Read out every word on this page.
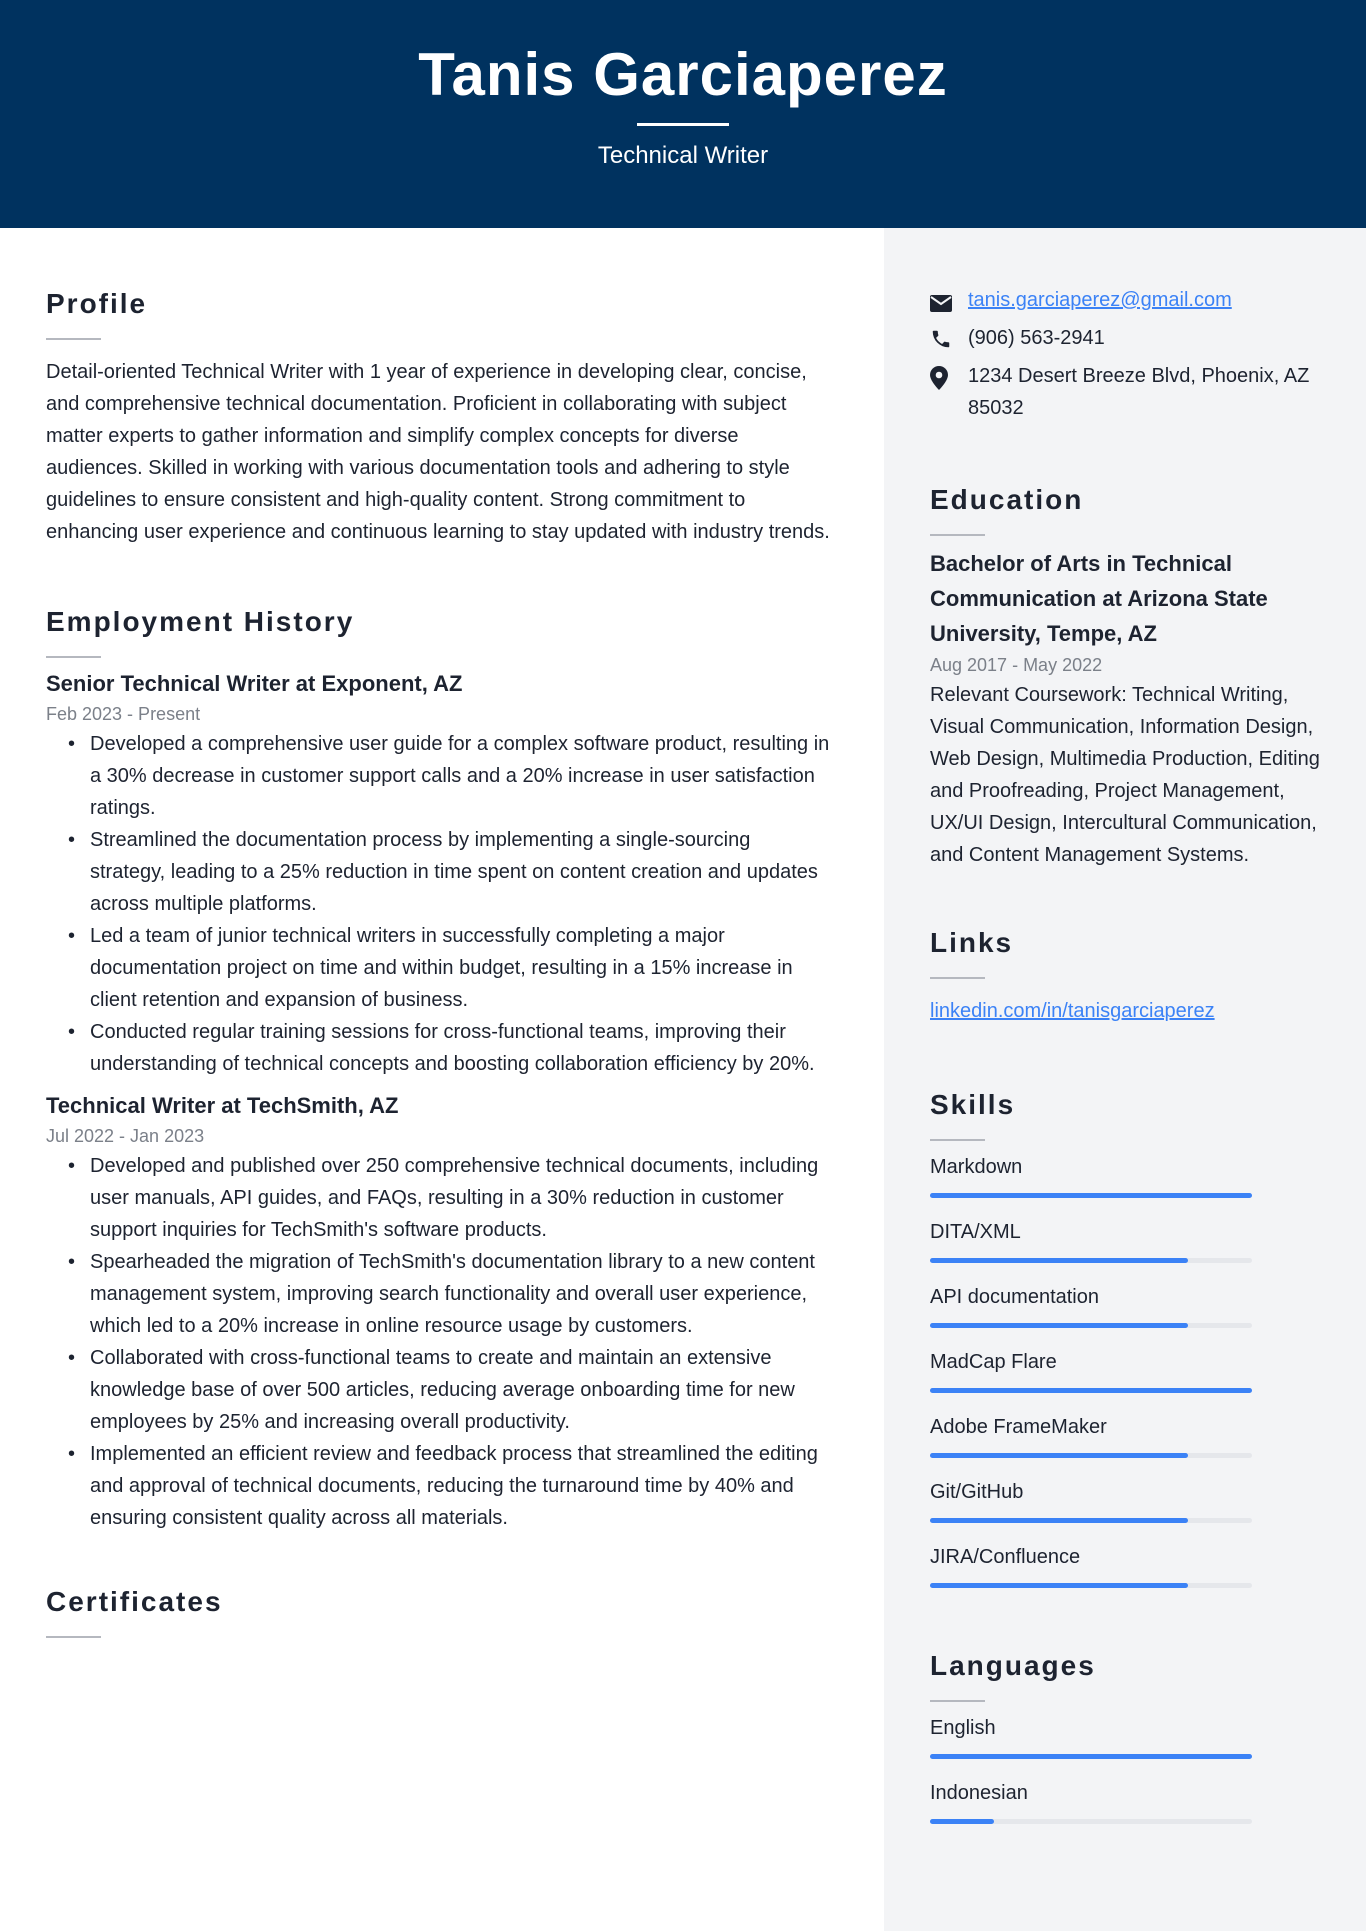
Tanis Garciaperez
Technical Writer
Profile

Detail-oriented Technical Writer with 1 year of experience in developing clear, concise, and comprehensive technical documentation. Proficient in collaborating with subject matter experts to gather information and simplify complex concepts for diverse audiences. Skilled in working with various documentation tools and adhering to style guidelines to ensure consistent and high-quality content. Strong commitment to enhancing user experience and continuous learning to stay updated with industry trends.

Employment History
Senior Technical Writer at Exponent, AZ
Feb 2023 - Present
• Developed a comprehensive user guide for a complex software product, resulting in a 30% decrease in customer support calls and a 20% increase in user satisfaction ratings.
• Streamlined the documentation process by implementing a single-sourcing strategy, leading to a 25% reduction in time spent on content creation and updates across multiple platforms.
• Led a team of junior technical writers in successfully completing a major documentation project on time and within budget, resulting in a 15% increase in client retention and expansion of business.
• Conducted regular training sessions for cross-functional teams, improving their understanding of technical concepts and boosting collaboration efficiency by 20%.
Technical Writer at TechSmith, AZ
Jul 2022 - Jan 2023
• Developed and published over 250 comprehensive technical documents, including user manuals, API guides, and FAQs, resulting in a 30% reduction in customer support inquiries for TechSmith's software products.
• Spearheaded the migration of TechSmith's documentation library to a new content management system, improving search functionality and overall user experience, which led to a 20% increase in online resource usage by customers.
• Collaborated with cross-functional teams to create and maintain an extensive knowledge base of over 500 articles, reducing average onboarding time for new employees by 25% and increasing overall productivity.
• Implemented an efficient review and feedback process that streamlined the editing and approval of technical documents, reducing the turnaround time by 40% and ensuring consistent quality across all materials.
Certificates
tanis.garciaperez@gmail.com
(906) 563-2941
1234 Desert Breeze Blvd, Phoenix, AZ 85032
Education
Bachelor of Arts in Technical Communication at Arizona State University, Tempe, AZ
Aug 2017 - May 2022

Relevant Coursework: Technical Writing, Visual Communication, Information Design, Web Design, Multimedia Production, Editing and Proofreading, Project Management, UX/UI Design, Intercultural Communication, and Content Management Systems.

Links
linkedin.com/in/tanisgarciaperez
Skills
Markdown
DITA/XML
API documentation
MadCap Flare
Adobe FrameMaker
Git/GitHub
JIRA/Confluence
Languages
English
Indonesian
